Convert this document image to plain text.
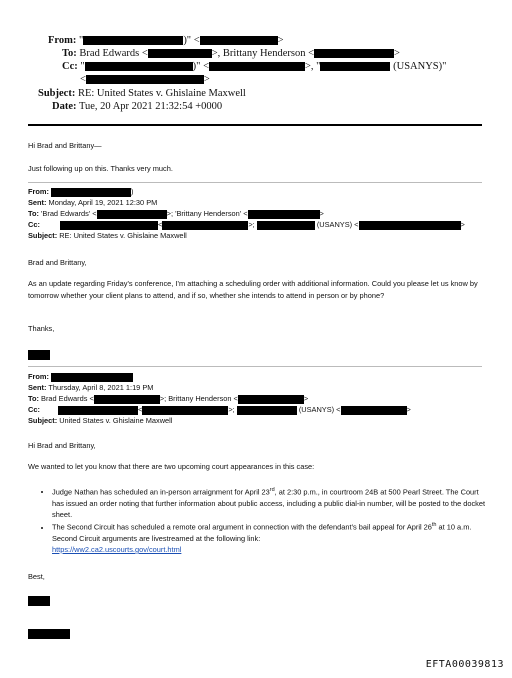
From: "	)" <	>
To: Brad Edwards <	>, Brittany Henderson <	>
Cc: "	)" <	>, "	(USANYS)"
<	>
Subject: RE: United States v. Ghislaine Maxwell
Date: Tue, 20 Apr 2021 21:32:54 +0000
Hi Brad and Brittany—
Just following up on this. Thanks very much.
From:	)
Sent: Monday, April 19, 2021 12:30 PM
To: 'Brad Edwards' <	>; 'Brittany Henderson' <	>
Cc:	<	>;	(USANYS) <	>
Subject: RE: United States v. Ghislaine Maxwell
Brad and Brittany,
As an update regarding Friday’s conference, I’m attaching a scheduling order with additional information. Could you please let us know by tomorrow whether your client plans to attend, and if so, whether she intends to attend in person or by phone?
Thanks,
From:
Sent: Thursday, April 8, 2021 1:19 PM
To: Brad Edwards <	>; Brittany Henderson <	>
Cc:	<	>;	(USANYS) <	>
Subject: United States v. Ghislaine Maxwell
Hi Brad and Brittany,
We wanted to let you know that there are two upcoming court appearances in this case:
• Judge Nathan has scheduled an in-person arraignment for April 23rd, at 2:30 p.m., in courtroom 24B at 500 Pearl Street. The Court has issued an order noting that further information about public access, including a public dial-in number, will be posted to the docket sheet.
• The Second Circuit has scheduled a remote oral argument in connection with the defendant’s bail appeal for April 26th at 10 a.m. Second Circuit arguments are livestreamed at the following link:
https://ww2.ca2.uscourts.gov/court.html
Best,
EFTA00039813
